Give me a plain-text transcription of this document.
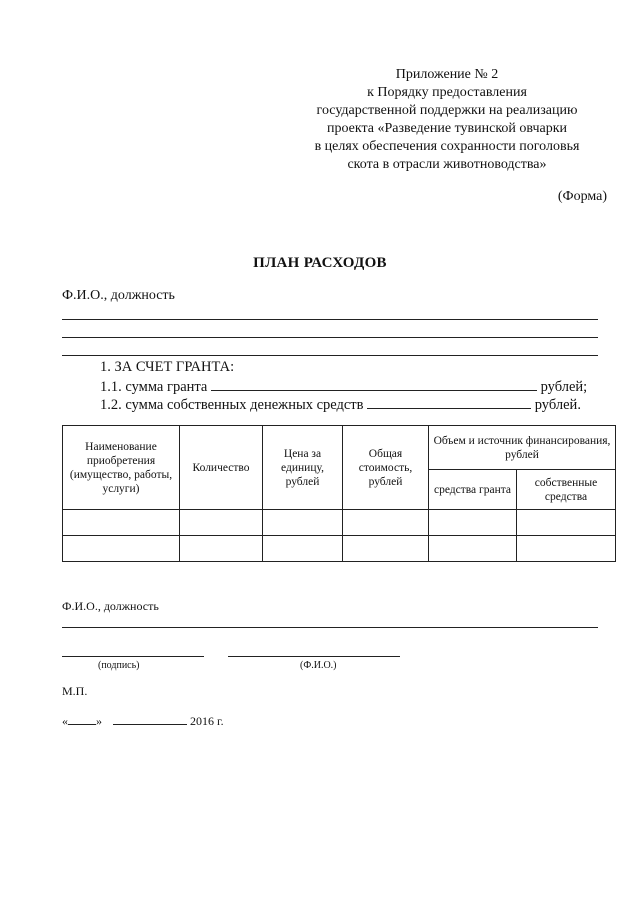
Приложение № 2
к Порядку предоставления
государственной поддержки на реализацию
проекта «Разведение тувинской овчарки
в целях обеспечения сохранности поголовья
скота в отрасли животноводства»
(Форма)
ПЛАН РАСХОДОВ
Ф.И.О., должность
1. ЗА СЧЕТ ГРАНТА:
1.1. сумма гранта	рублей;
1.2. сумма собственных денежных средств	рублей.
Наименование приобретения (имущество, работы, услуги)	Количество	Цена за единицу, рублей	Общая стоимость, рублей	Объем и источник финансирования, рублей	
				средства гранта	собственные средства

Ф.И.О., должность
(подпись)	(Ф.И.О.)
М.П.
« »	2016 г.
